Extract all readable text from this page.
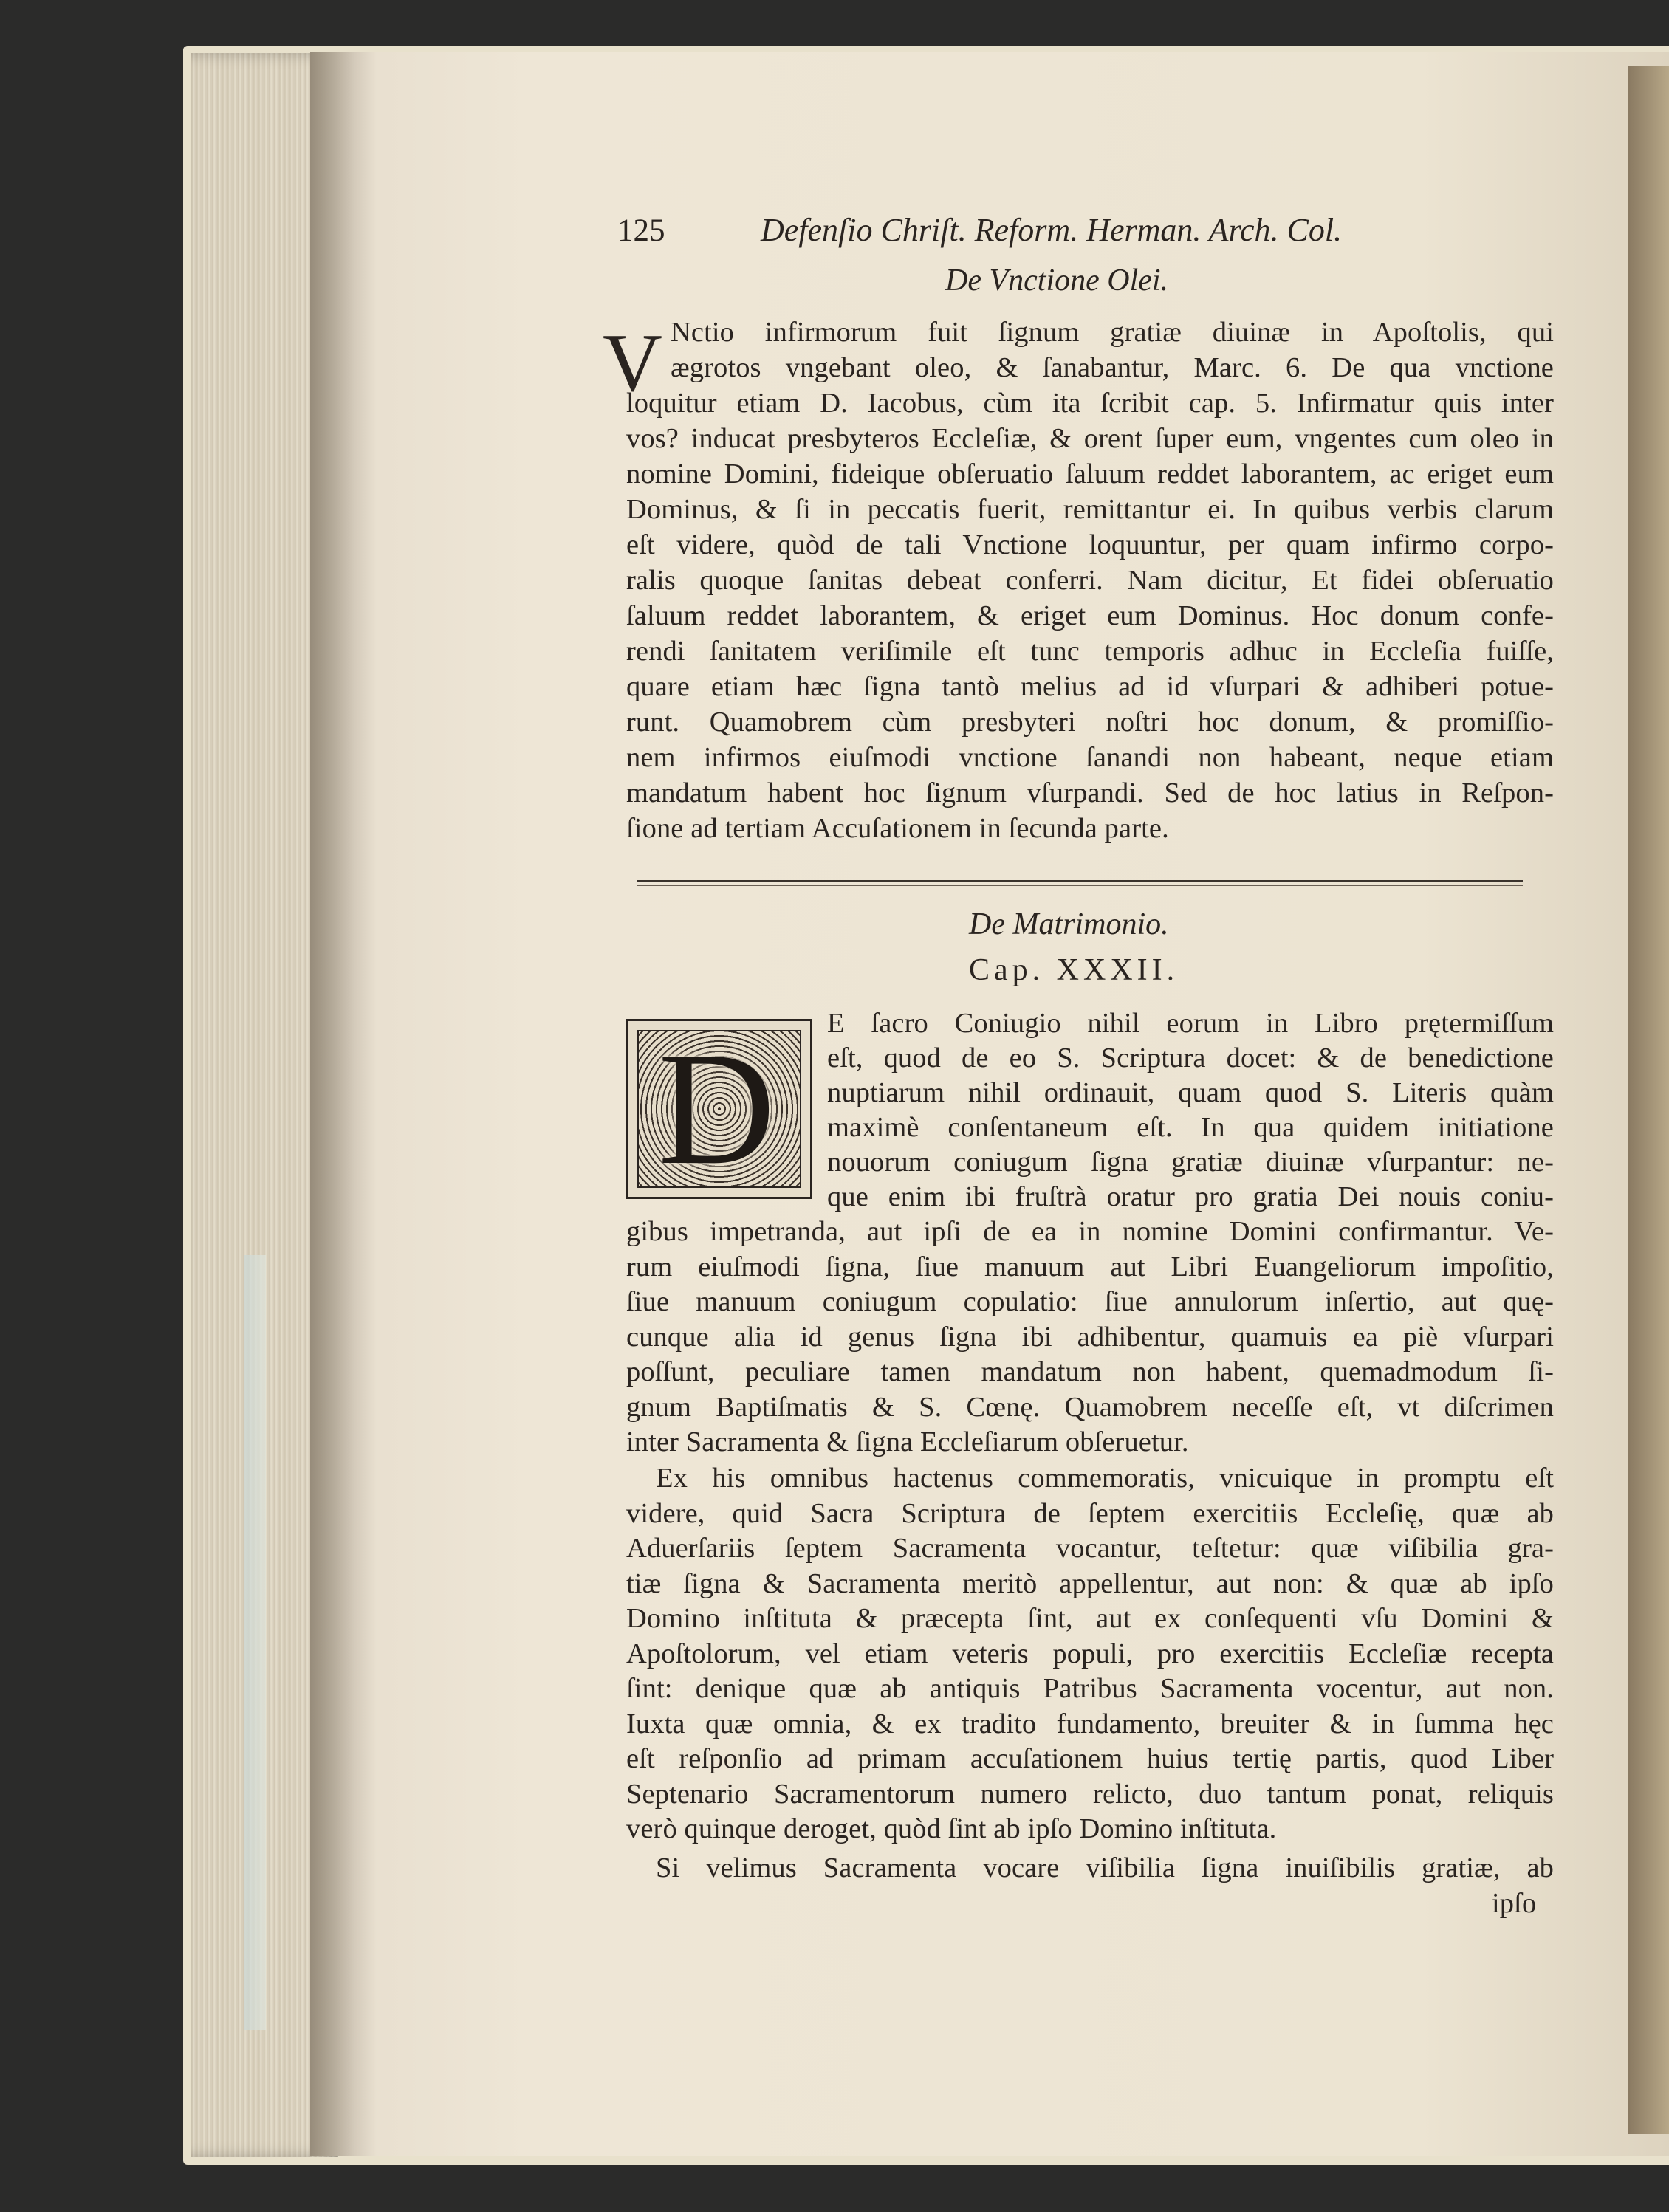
125	Defenſio Chriſt. Reform. Herman. Arch. Col.
De Vnctione Olei.
V Nctio infirmorum fuit ſignum gratiæ diuinæ in Apoſtolis, qui
ægrotos vngebant oleo, & ſanabantur, Marc. 6. De qua vnctione
loquitur etiam D. Iacobus, cùm ita ſcribit cap. 5. Infirmatur quis inter
vos? inducat presbyteros Eccleſiæ, & orent ſuper eum, vngentes cum oleo in
nomine Domini, fideique obſeruatio ſaluum reddet laborantem, ac eriget eum
Dominus, & ſi in peccatis fuerit, remittantur ei. In quibus verbis clarum
eſt videre, quòd de tali Vnctione loquuntur, per quam infirmo corpo-
ralis quoque ſanitas debeat conferri. Nam dicitur, Et fidei obſeruatio
ſaluum reddet laborantem, & eriget eum Dominus. Hoc donum confe-
rendi ſanitatem veriſimile eſt tunc temporis adhuc in Eccleſia fuiſſe,
quare etiam hæc ſigna tantò melius ad id vſurpari & adhiberi potue-
runt. Quamobrem cùm presbyteri noſtri hoc donum, & promiſſio-
nem infirmos eiuſmodi vnctione ſanandi non habeant, neque etiam
mandatum habent hoc ſignum vſurpandi. Sed de hoc latius in Reſpon-
ſione ad tertiam Accuſationem in ſecunda parte.
De Matrimonio.
Cap. XXXII.
D E ſacro Coniugio nihil eorum in Libro prętermiſſum
eſt, quod de eo S. Scriptura docet: & de benedictione
nuptiarum nihil ordinauit, quam quod S. Literis quàm
maximè conſentaneum eſt. In qua quidem initiatione
nouorum coniugum ſigna gratiæ diuinæ vſurpantur: ne-
que enim ibi fruſtrà oratur pro gratia Dei nouis coniu-
gibus impetranda, aut ipſi de ea in nomine Domini confirmantur. Ve-
rum eiuſmodi ſigna, ſiue manuum aut Libri Euangeliorum impoſitio,
ſiue manuum coniugum copulatio: ſiue annulorum inſertio, aut quę-
cunque alia id genus ſigna ibi adhibentur, quamuis ea piè vſurpari
poſſunt, peculiare tamen mandatum non habent, quemadmodum ſi-
gnum Baptiſmatis & S. Cœnę. Quamobrem neceſſe eſt, vt diſcrimen
inter Sacramenta & ſigna Eccleſiarum obſeruetur.
Ex his omnibus hactenus commemoratis, vnicuique in promptu eſt
videre, quid Sacra Scriptura de ſeptem exercitiis Eccleſię, quæ ab
Aduerſariis ſeptem Sacramenta vocantur, teſtetur: quæ viſibilia gra-
tiæ ſigna & Sacramenta meritò appellentur, aut non: & quæ ab ipſo
Domino inſtituta & præcepta ſint, aut ex conſequenti vſu Domini &
Apoſtolorum, vel etiam veteris populi, pro exercitiis Eccleſiæ recepta
ſint: denique quæ ab antiquis Patribus Sacramenta vocentur, aut non.
Iuxta quæ omnia, & ex tradito fundamento, breuiter & in ſumma hęc
eſt reſponſio ad primam accuſationem huius tertię partis, quod Liber
Septenario Sacramentorum numero relicto, duo tantum ponat, reliquis
verò quinque deroget, quòd ſint ab ipſo Domino inſtituta.
Si velimus Sacramenta vocare viſibilia ſigna inuiſibilis gratiæ, ab
ipſo
